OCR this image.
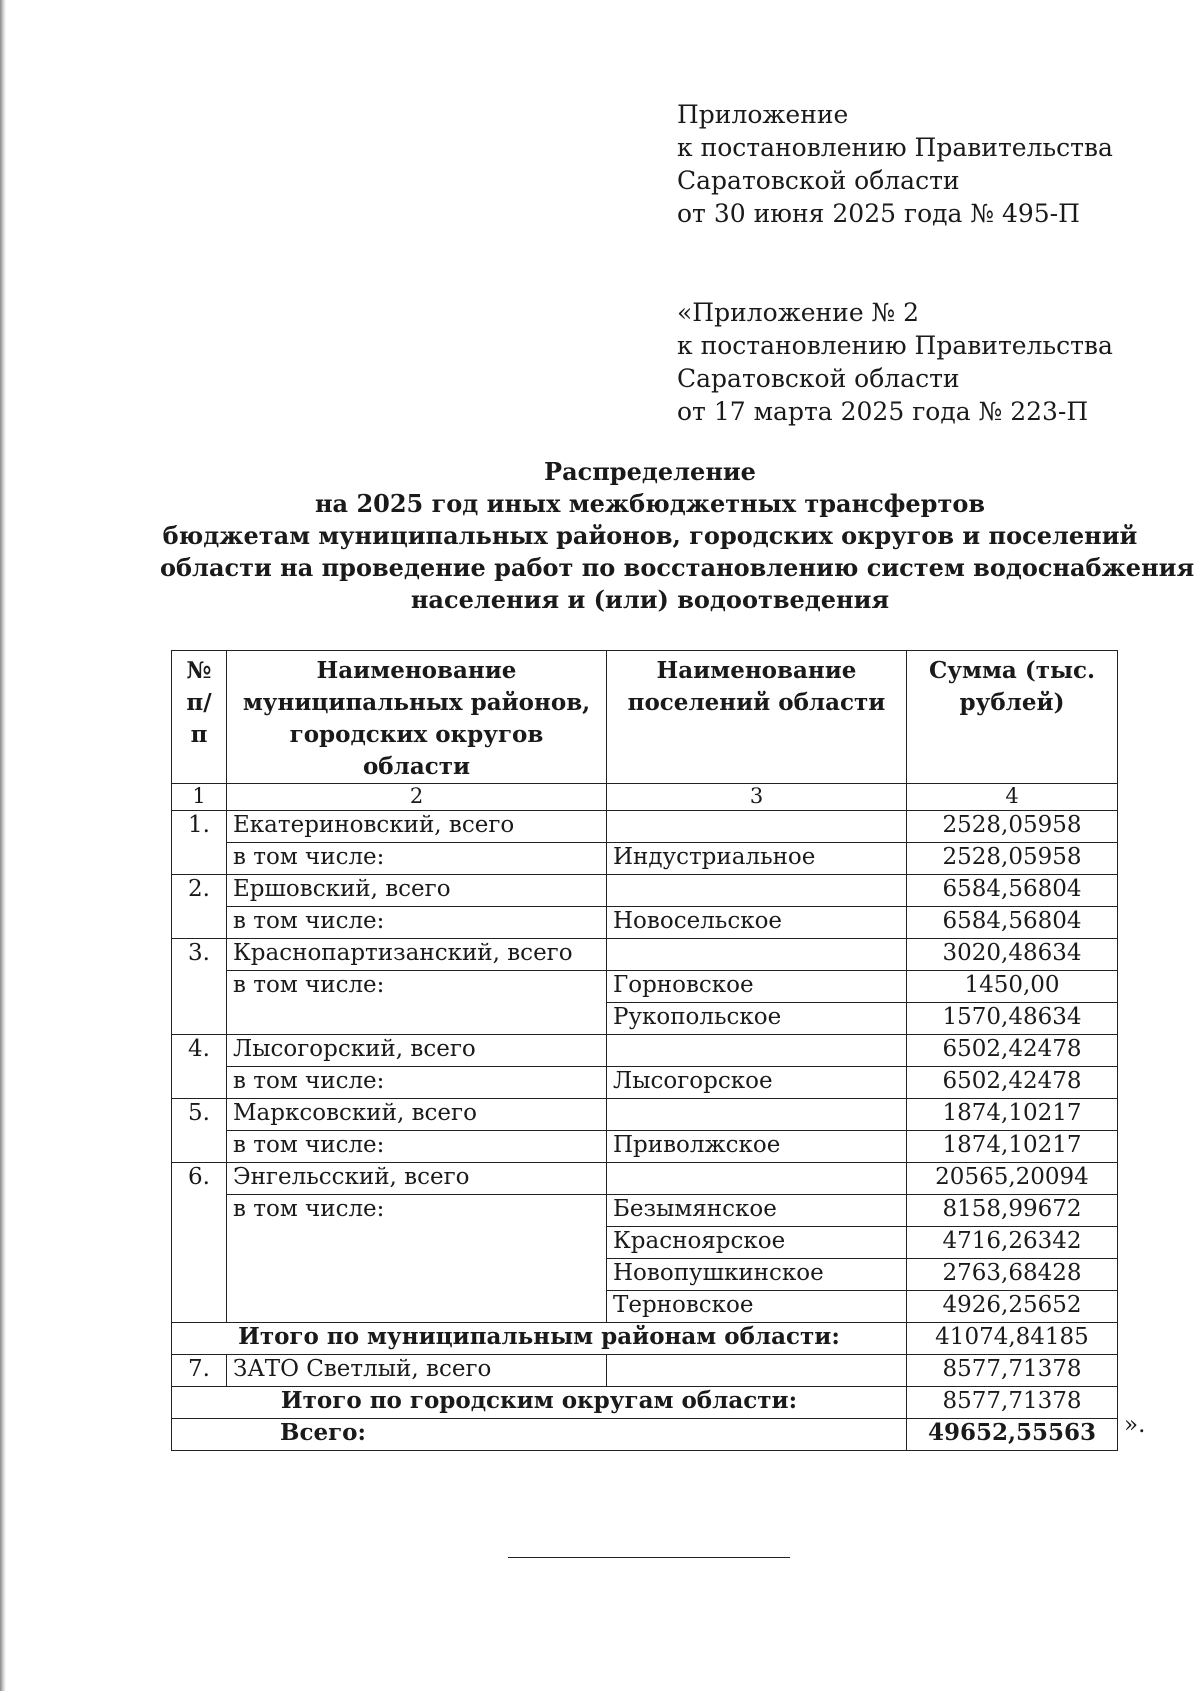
Приложение
к постановлению Правительства
Саратовской области
от 30 июня 2025 года № 495-П
«Приложение № 2
к постановлению Правительства
Саратовской области
от 17 марта 2025 года № 223-П
Распределение
на 2025 год иных межбюджетных трансфертов
бюджетам муниципальных районов, городских округов и поселений
области на проведение работ по восстановлению систем водоснабжения
населения и (или) водоотведения
№ п/п	Наименование муниципальных районов, городских округов области	Наименование поселений области	Сумма (тыс. рублей)
1	2	3	4
1.	Екатериновский, всего		2528,05958
	в том числе:	Индустриальное	2528,05958
2.	Ершовский, всего		6584,56804
	в том числе:	Новосельское	6584,56804
3.	Краснопартизанский, всего		3020,48634
	в том числе:	Горновское	1450,00
		Рукопольское	1570,48634
4.	Лысогорский, всего		6502,42478
	в том числе:	Лысогорское	6502,42478
5.	Марксовский, всего		1874,10217
	в том числе:	Приволжское	1874,10217
6.	Энгельсский, всего		20565,20094
	в том числе:	Безымянское	8158,99672
		Красноярское	4716,26342
		Новопушкинское	2763,68428
		Терновское	4926,25652
Итого по муниципальным районам области:			41074,84185
7.	ЗАТО Светлый, всего		8577,71378
Итого по городским округам области:			8577,71378
Всего:			49652,55563 ».
